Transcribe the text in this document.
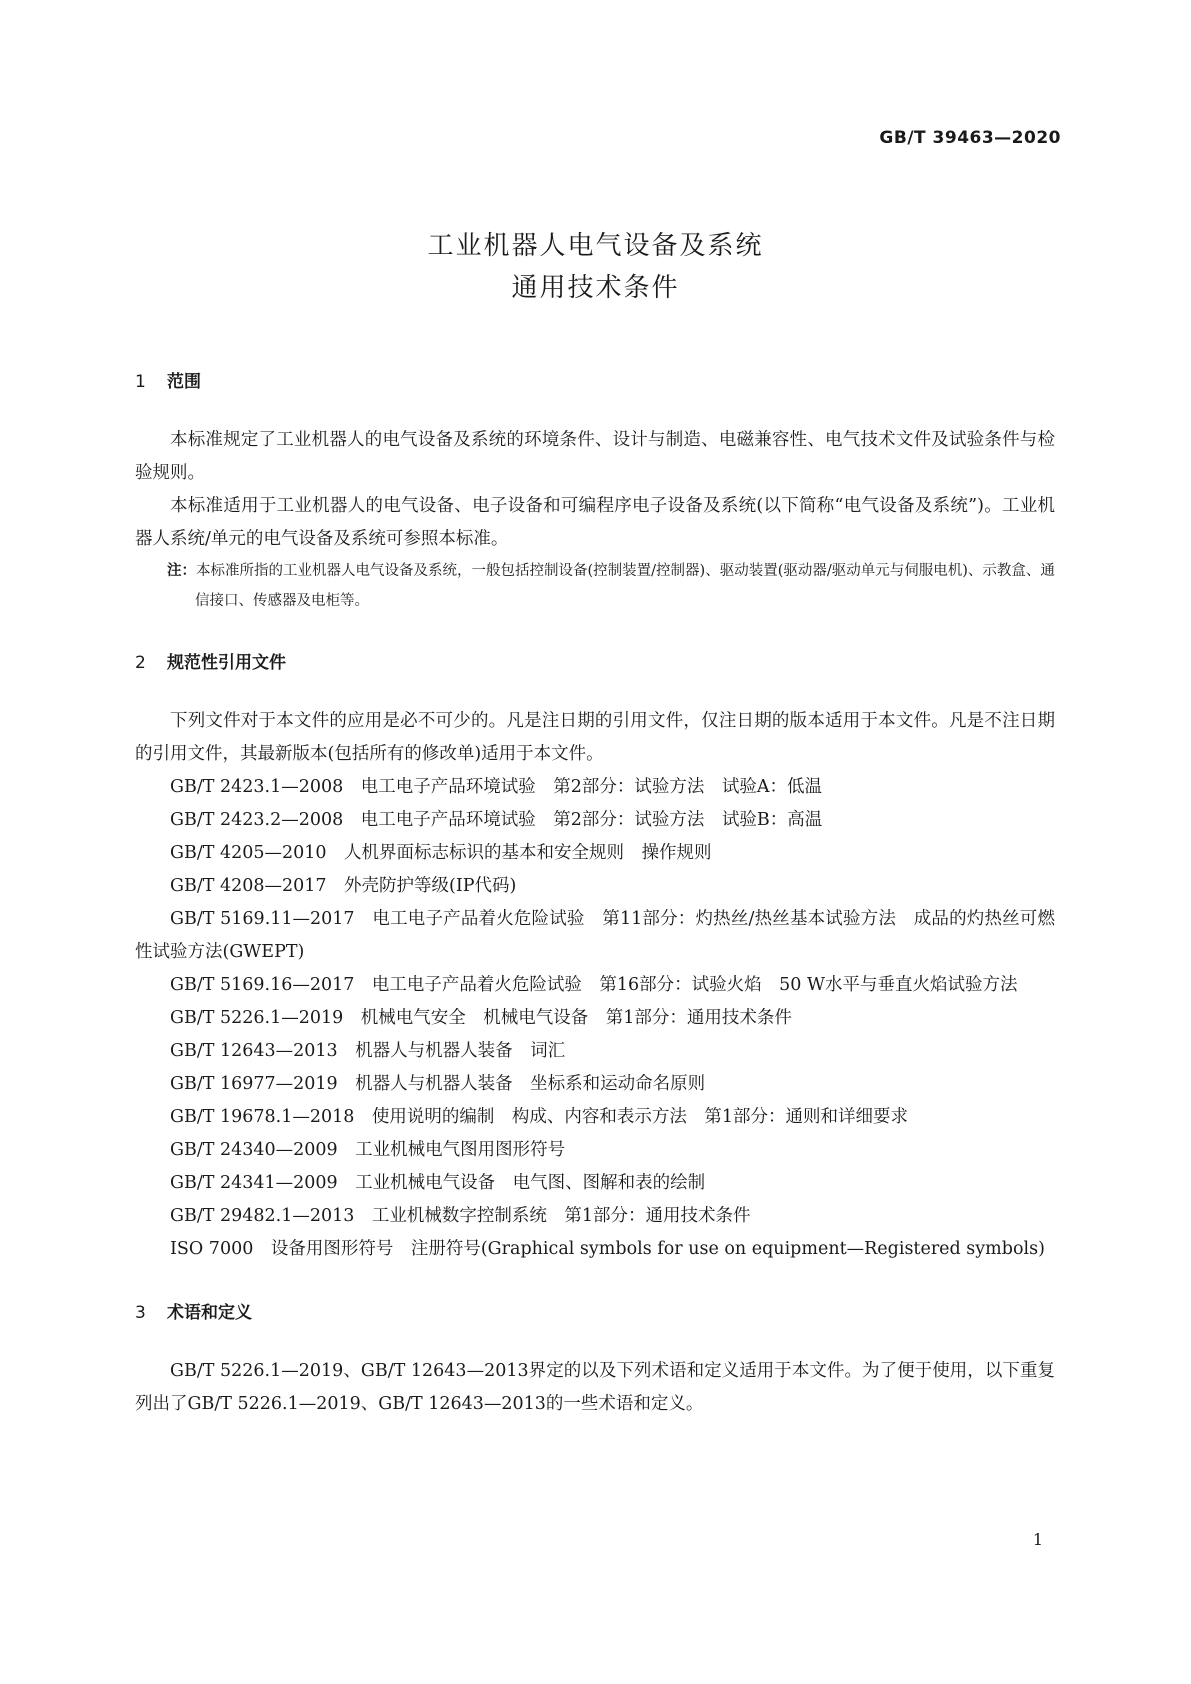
GB/T 39463—2020
工业机器人电气设备及系统
通用技术条件
1 范围

本标准规定了工业机器人的电气设备及系统的环境条件、设计与制造、电磁兼容性、电气技术文件及试验条件与检验规则。

本标准适用于工业机器人的电气设备、电子设备和可编程序电子设备及系统(以下简称“电气设备及系统”)。工业机器人系统/单元的电气设备及系统可参照本标准。

注：本标准所指的工业机器人电气设备及系统，一般包括控制设备(控制装置/控制器)、驱动装置(驱动器/驱动单元与伺服电机)、示教盒、通信接口、传感器及电柜等。

2 规范性引用文件

下列文件对于本文件的应用是必不可少的。凡是注日期的引用文件，仅注日期的版本适用于本文件。凡是不注日期的引用文件，其最新版本(包括所有的修改单)适用于本文件。

GB/T 2423.1—2008　电工电子产品环境试验　第2部分：试验方法　试验A：低温

GB/T 2423.2—2008　电工电子产品环境试验　第2部分：试验方法　试验B：高温

GB/T 4205—2010　人机界面标志标识的基本和安全规则　操作规则

GB/T 4208—2017　外壳防护等级(IP代码)

GB/T 5169.11—2017　电工电子产品着火危险试验　第11部分：灼热丝/热丝基本试验方法　成品的灼热丝可燃性试验方法(GWEPT)

GB/T 5169.16—2017　电工电子产品着火危险试验　第16部分：试验火焰　50 W水平与垂直火焰试验方法

GB/T 5226.1—2019　机械电气安全　机械电气设备　第1部分：通用技术条件

GB/T 12643—2013　机器人与机器人装备　词汇

GB/T 16977—2019　机器人与机器人装备　坐标系和运动命名原则

GB/T 19678.1—2018　使用说明的编制　构成、内容和表示方法　第1部分：通则和详细要求

GB/T 24340—2009　工业机械电气图用图形符号

GB/T 24341—2009　工业机械电气设备　电气图、图解和表的绘制

GB/T 29482.1—2013　工业机械数字控制系统　第1部分：通用技术条件

ISO 7000　设备用图形符号　注册符号(Graphical symbols for use on equipment—Registered symbols)

3 术语和定义

GB/T 5226.1—2019、GB/T 12643—2013界定的以及下列术语和定义适用于本文件。为了便于使用，以下重复列出了GB/T 5226.1—2019、GB/T 12643—2013的一些术语和定义。

1
